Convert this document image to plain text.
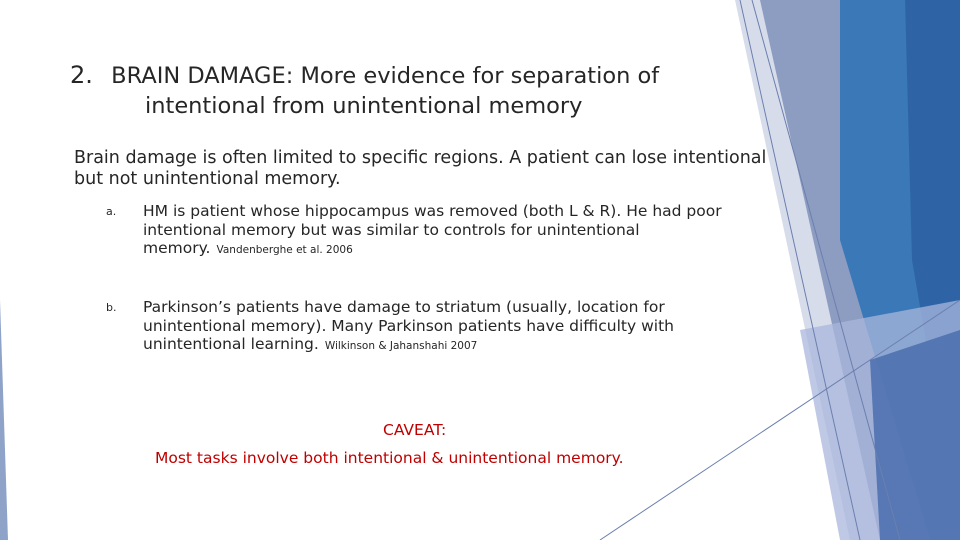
2. BRAIN DAMAGE: More evidence for separation of
intentional from unintentional memory
Brain damage is often limited to specific regions. A patient can lose intentional but not unintentional memory.
a. HM is patient whose hippocampus was removed (both L & R). He had poor intentional memory but was similar to controls for unintentional memory. Vandenberghe et al. 2006
b. Parkinson’s patients have damage to striatum (usually, location for unintentional memory). Many Parkinson patients have difficulty with unintentional learning. Wilkinson & Jahanshahi 2007
CAVEAT:
Most tasks involve both intentional & unintentional memory.
